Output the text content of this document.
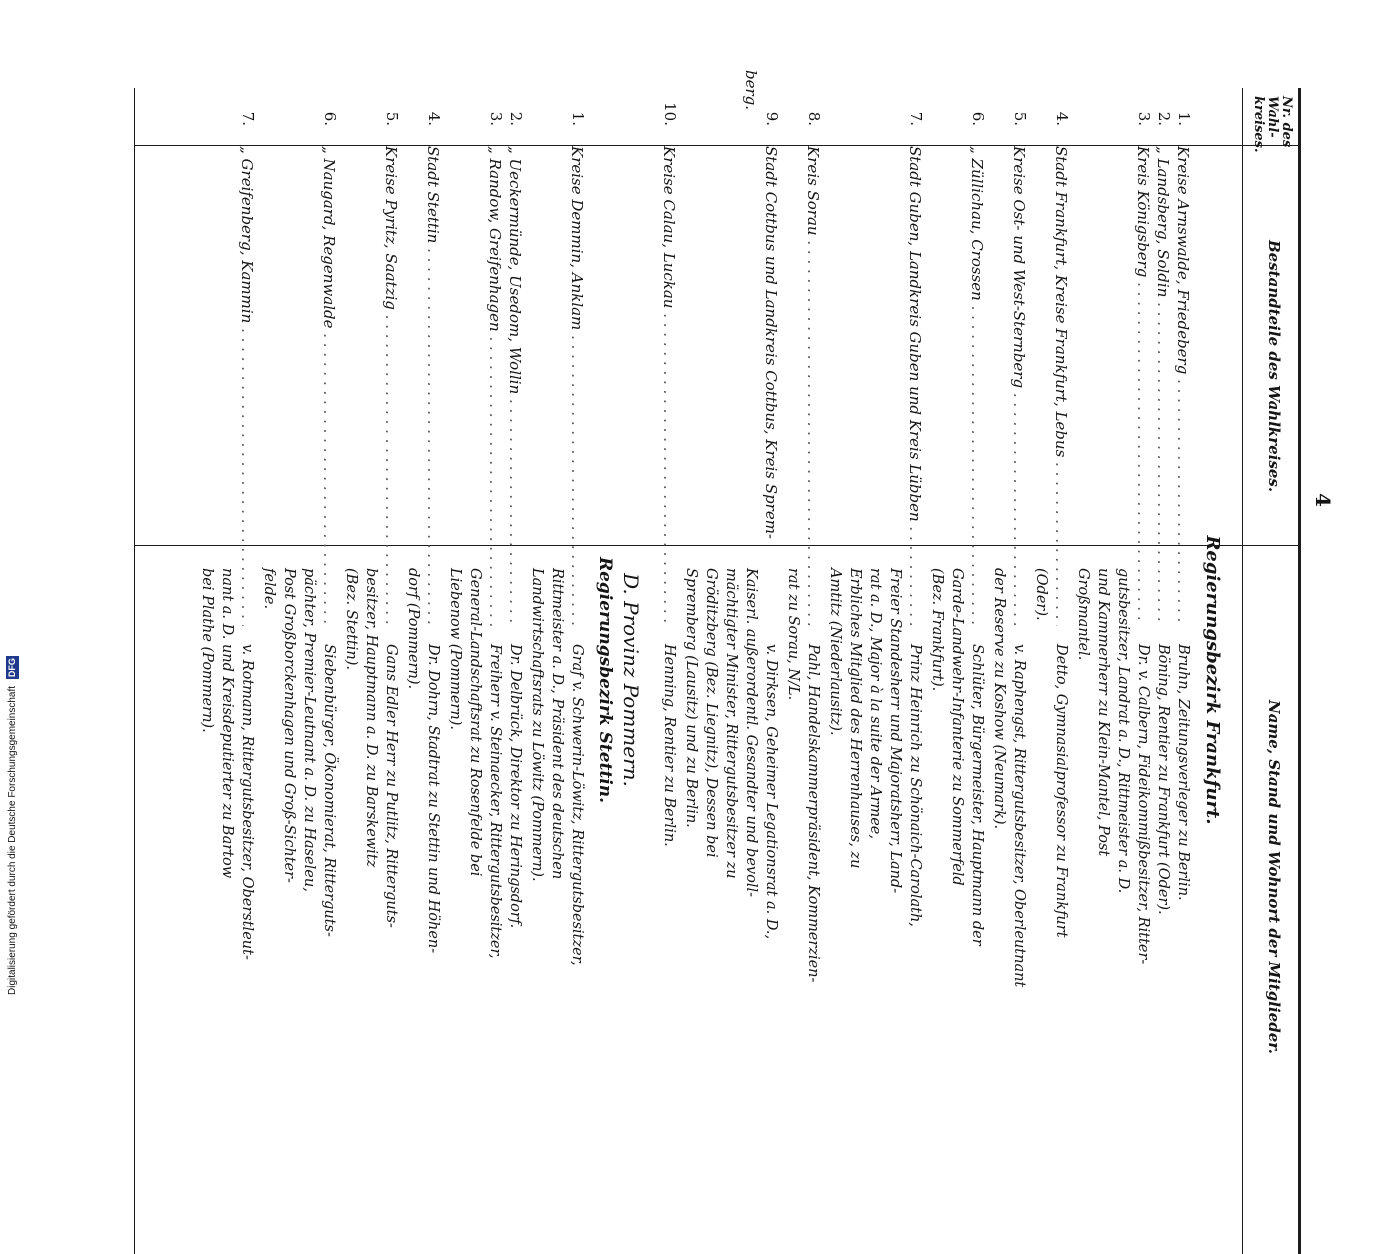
4
Nr. des Wahl-kreises.
Bestandteile des Wahlkreises.
Name, Stand und Wohnort der Mitglieder.
Regierungsbezirk Frankfurt.
1.
Kreise Arnswalde, Friedeberg . . .
Bruhn, Zeitungsverleger zu Berlin.
2.
„ Landsberg, Soldin . . .
Böning, Rentier zu Frankfurt (Oder).
3.
Kreis Königsberg . . .
Dr. v. Calbern, Fideikommißbesitzer, Ritter-
gutsbesitzer, Landrat a. D., Rittmeister a. D.
und Kammerherr zu Klein-Mantel, Post
Großmantel.
4.
Stadt Frankfurt, Kreise Frankfurt, Lebus . . .
Detto, Gymnasialprofessor zu Frankfurt
(Oder).
5.
Kreise Ost- und West-Sternberg . . .
v. Raphengst, Rittergutsbesitzer, Oberleutnant
der Reserve zu Koshow (Neumark).
6.
„ Züllichau, Crossen . . .
Schlüter, Bürgermeister, Hauptmann der
Garde-Landwehr-Infanterie zu Sommerfeld
(Bez. Frankfurt).
7.
Stadt Guben, Landkreis Guben und Kreis Lübben . . .
Prinz Heinrich zu Schönaich-Carolath,
Freier Standesherr und Majoratsherr, Land-
rat a. D., Major à la suite der Armee,
Erbliches Mitglied des Herrenhauses, zu
Amtitz (Niederlausitz).
8.
Kreis Sorau . . .
Pahl, Handelskammerpräsident, Kommerzien-
rat zu Sorau, N/L.
9.
Stadt Cottbus und Landkreis Cottbus, Kreis Sprem-
v. Dirksen, Geheimer Legationsrat a. D.,
berg.
Kaiserl. außerordentl. Gesandter und bevoll-
mächtigter Minister, Rittergutsbesitzer zu
Gröditzberg (Bez. Liegnitz), Dessen bei
Spremberg (Lausitz) und zu Berlin.
10.
Kreise Calau, Luckau . . .
Henning, Rentier zu Berlin.
D. Provinz Pommern.
Regierungsbezirk Stettin.
1.
Kreise Demmin, Anklam . . .
Graf v. Schwerin-Löwitz, Rittergutsbesitzer,
Rittmeister a. D., Präsident des deutschen
Landwirtschaftsrats zu Löwitz (Pommern).
2.
„ Ueckermünde, Usedom, Wollin . . .
Dr. Delbrück, Direktor zu Heringsdorf.
3.
„ Randow, Greifenhagen . . .
Freiherr v. Steinaecker, Rittergutsbesitzer,
General-Landschaftsrat zu Rosenfelde bei
Liebenow (Pommern).
4.
Stadt Stettin . . .
Dr. Dohrn, Stadtrat zu Stettin und Höhen-
dorf (Pommern).
5.
Kreise Pyritz, Saatzig . . .
Gans Edler Herr zu Putlitz, Ritterguts-
besitzer, Hauptmann a. D. zu Barskewitz
(Bez. Stettin).
6.
„ Naugard, Regenwalde . . .
Siebenbürger, Ökonomierat, Ritterguts-
pächter, Premier-Leutnant a. D. zu Haseleu,
Post Großborckenhagen und Groß-Sichter-
felde.
7.
„ Greifenberg, Kammin . . .
v. Rotmann, Rittergutsbesitzer, Oberstleut-
nant a. D. und Kreisdeputierter zu Bartow
bei Plathe (Pommern).
Digitalisierung gefördert durch die Deutsche Forschungsgemeinschaft DFG
